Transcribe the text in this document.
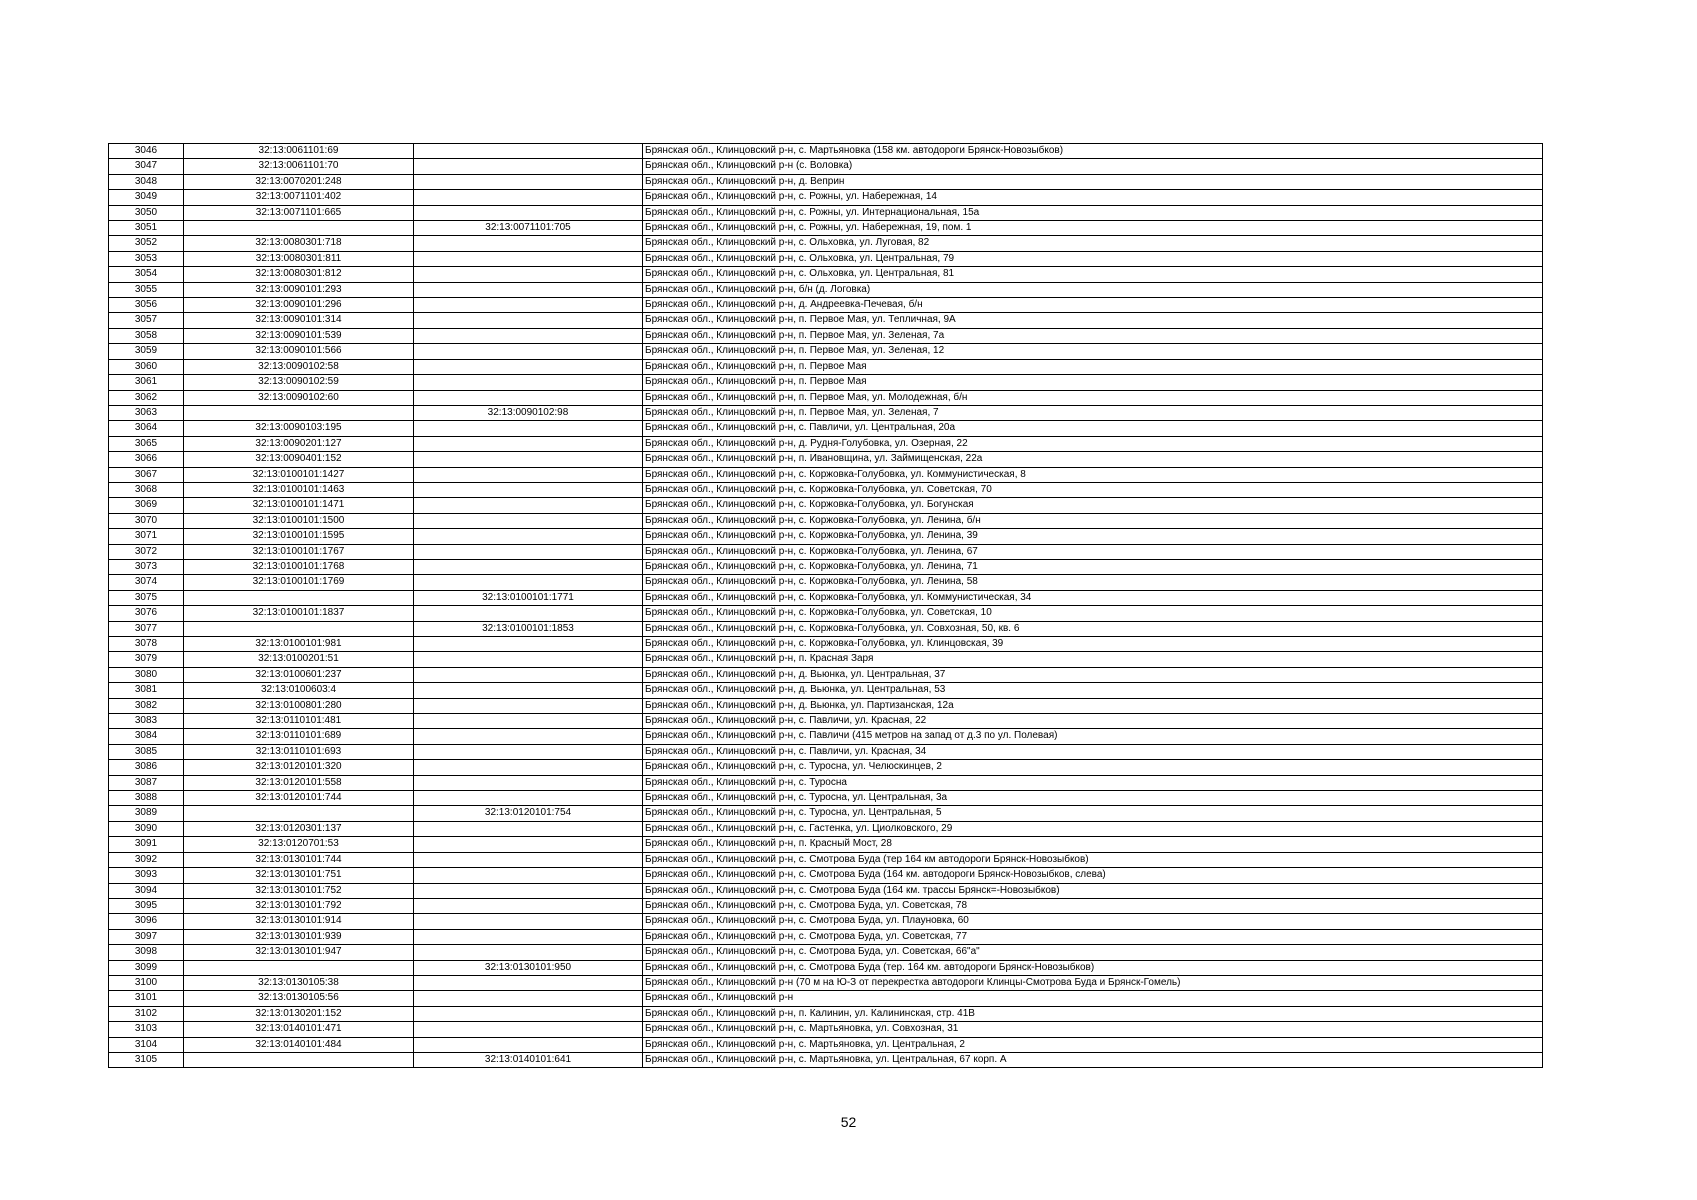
3046	32:13:0061101:69		Брянская обл., Клинцовский р-н, с. Мартьяновка (158 км. автодороги Брянск-Новозыбков)
3047	32:13:0061101:70		Брянская обл., Клинцовский р-н (с. Воловка)
3048	32:13:0070201:248		Брянская обл., Клинцовский р-н, д. Веприн
3049	32:13:0071101:402		Брянская обл., Клинцовский р-н, с. Рожны, ул. Набережная, 14
3050	32:13:0071101:665		Брянская обл., Клинцовский р-н, с. Рожны, ул. Интернациональная, 15а
3051		32:13:0071101:705	Брянская обл., Клинцовский р-н, с. Рожны, ул. Набережная, 19, пом. 1
3052	32:13:0080301:718		Брянская обл., Клинцовский р-н, с. Ольховка, ул. Луговая, 82
3053	32:13:0080301:811		Брянская обл., Клинцовский р-н, с. Ольховка, ул. Центральная, 79
3054	32:13:0080301:812		Брянская обл., Клинцовский р-н, с. Ольховка, ул. Центральная, 81
3055	32:13:0090101:293		Брянская обл., Клинцовский р-н, б/н (д. Логовка)
3056	32:13:0090101:296		Брянская обл., Клинцовский р-н, д. Андреевка-Печевая, б/н
3057	32:13:0090101:314		Брянская обл., Клинцовский р-н, п. Первое Мая, ул. Тепличная, 9А
3058	32:13:0090101:539		Брянская обл., Клинцовский р-н, п. Первое Мая, ул. Зеленая, 7а
3059	32:13:0090101:566		Брянская обл., Клинцовский р-н, п. Первое Мая, ул. Зеленая, 12
3060	32:13:0090102:58		Брянская обл., Клинцовский р-н, п. Первое Мая
3061	32:13:0090102:59		Брянская обл., Клинцовский р-н, п. Первое Мая
3062	32:13:0090102:60		Брянская обл., Клинцовский р-н, п. Первое Мая, ул. Молодежная, б/н
3063		32:13:0090102:98	Брянская обл., Клинцовский р-н, п. Первое Мая, ул. Зеленая, 7
3064	32:13:0090103:195		Брянская обл., Клинцовский р-н, с. Павличи, ул. Центральная, 20а
3065	32:13:0090201:127		Брянская обл., Клинцовский р-н, д. Рудня-Голубовка, ул. Озерная, 22
3066	32:13:0090401:152		Брянская обл., Клинцовский р-н, п. Ивановщина, ул. Займищенская, 22а
3067	32:13:0100101:1427		Брянская обл., Клинцовский р-н, с. Коржовка-Голубовка, ул. Коммунистическая, 8
3068	32:13:0100101:1463		Брянская обл., Клинцовский р-н, с. Коржовка-Голубовка, ул. Советская, 70
3069	32:13:0100101:1471		Брянская обл., Клинцовский р-н, с. Коржовка-Голубовка, ул. Богунская
3070	32:13:0100101:1500		Брянская обл., Клинцовский р-н, с. Коржовка-Голубовка, ул. Ленина, б/н
3071	32:13:0100101:1595		Брянская обл., Клинцовский р-н, с. Коржовка-Голубовка, ул. Ленина, 39
3072	32:13:0100101:1767		Брянская обл., Клинцовский р-н, с. Коржовка-Голубовка, ул. Ленина, 67
3073	32:13:0100101:1768		Брянская обл., Клинцовский р-н, с. Коржовка-Голубовка, ул. Ленина, 71
3074	32:13:0100101:1769		Брянская обл., Клинцовский р-н, с. Коржовка-Голубовка, ул. Ленина, 58
3075		32:13:0100101:1771	Брянская обл., Клинцовский р-н, с. Коржовка-Голубовка, ул. Коммунистическая, 34
3076	32:13:0100101:1837		Брянская обл., Клинцовский р-н, с. Коржовка-Голубовка, ул. Советская, 10
3077		32:13:0100101:1853	Брянская обл., Клинцовский р-н, с. Коржовка-Голубовка, ул. Совхозная, 50, кв. 6
3078	32:13:0100101:981		Брянская обл., Клинцовский р-н, с. Коржовка-Голубовка, ул. Клинцовская, 39
3079	32:13:0100201:51		Брянская обл., Клинцовский р-н, п. Красная Заря
3080	32:13:0100601:237		Брянская обл., Клинцовский р-н, д. Вьюнка, ул. Центральная, 37
3081	32:13:0100603:4		Брянская обл., Клинцовский р-н, д. Вьюнка, ул. Центральная, 53
3082	32:13:0100801:280		Брянская обл., Клинцовский р-н, д. Вьюнка, ул. Партизанская, 12а
3083	32:13:0110101:481		Брянская обл., Клинцовский р-н, с. Павличи, ул. Красная, 22
3084	32:13:0110101:689		Брянская обл., Клинцовский р-н, с. Павличи (415 метров на запад от д.3 по ул. Полевая)
3085	32:13:0110101:693		Брянская обл., Клинцовский р-н, с. Павличи, ул. Красная, 34
3086	32:13:0120101:320		Брянская обл., Клинцовский р-н, с. Туросна, ул. Челюскинцев, 2
3087	32:13:0120101:558		Брянская обл., Клинцовский р-н, с. Туросна
3088	32:13:0120101:744		Брянская обл., Клинцовский р-н, с. Туросна, ул. Центральная, 3а
3089		32:13:0120101:754	Брянская обл., Клинцовский р-н, с. Туросна, ул. Центральная, 5
3090	32:13:0120301:137		Брянская обл., Клинцовский р-н, с. Гастенка, ул. Циолковского, 29
3091	32:13:0120701:53		Брянская обл., Клинцовский р-н, п. Красный Мост, 28
3092	32:13:0130101:744		Брянская обл., Клинцовский р-н, с. Смотрова Буда (тер 164 км автодороги Брянск-Новозыбков)
3093	32:13:0130101:751		Брянская обл., Клинцовский р-н, с. Смотрова Буда (164 км. автодороги Брянск-Новозыбков, слева)
3094	32:13:0130101:752		Брянская обл., Клинцовский р-н, с. Смотрова Буда (164 км. трассы Брянск=-Новозыбков)
3095	32:13:0130101:792		Брянская обл., Клинцовский р-н, с. Смотрова Буда, ул. Советская, 78
3096	32:13:0130101:914		Брянская обл., Клинцовский р-н, с. Смотрова Буда, ул. Плауновка, 60
3097	32:13:0130101:939		Брянская обл., Клинцовский р-н, с. Смотрова Буда, ул. Советская, 77
3098	32:13:0130101:947		Брянская обл., Клинцовский р-н, с. Смотрова Буда, ул. Советская, 66"а"
3099		32:13:0130101:950	Брянская обл., Клинцовский р-н, с. Смотрова Буда (тер. 164 км. автодороги Брянск-Новозыбков)
3100	32:13:0130105:38		Брянская обл., Клинцовский р-н (70 м на Ю-З от перекрестка автодороги Клинцы-Смотрова Буда и Брянск-Гомель)
3101	32:13:0130105:56		Брянская обл., Клинцовский р-н
3102	32:13:0130201:152		Брянская обл., Клинцовский р-н, п. Калинин, ул. Калининская, стр. 41В
3103	32:13:0140101:471		Брянская обл., Клинцовский р-н, с. Мартьяновка, ул. Совхозная, 31
3104	32:13:0140101:484		Брянская обл., Клинцовский р-н, с. Мартьяновка, ул. Центральная, 2
3105		32:13:0140101:641	Брянская обл., Клинцовский р-н, с. Мартьяновка, ул. Центральная, 67 корп. А
52
